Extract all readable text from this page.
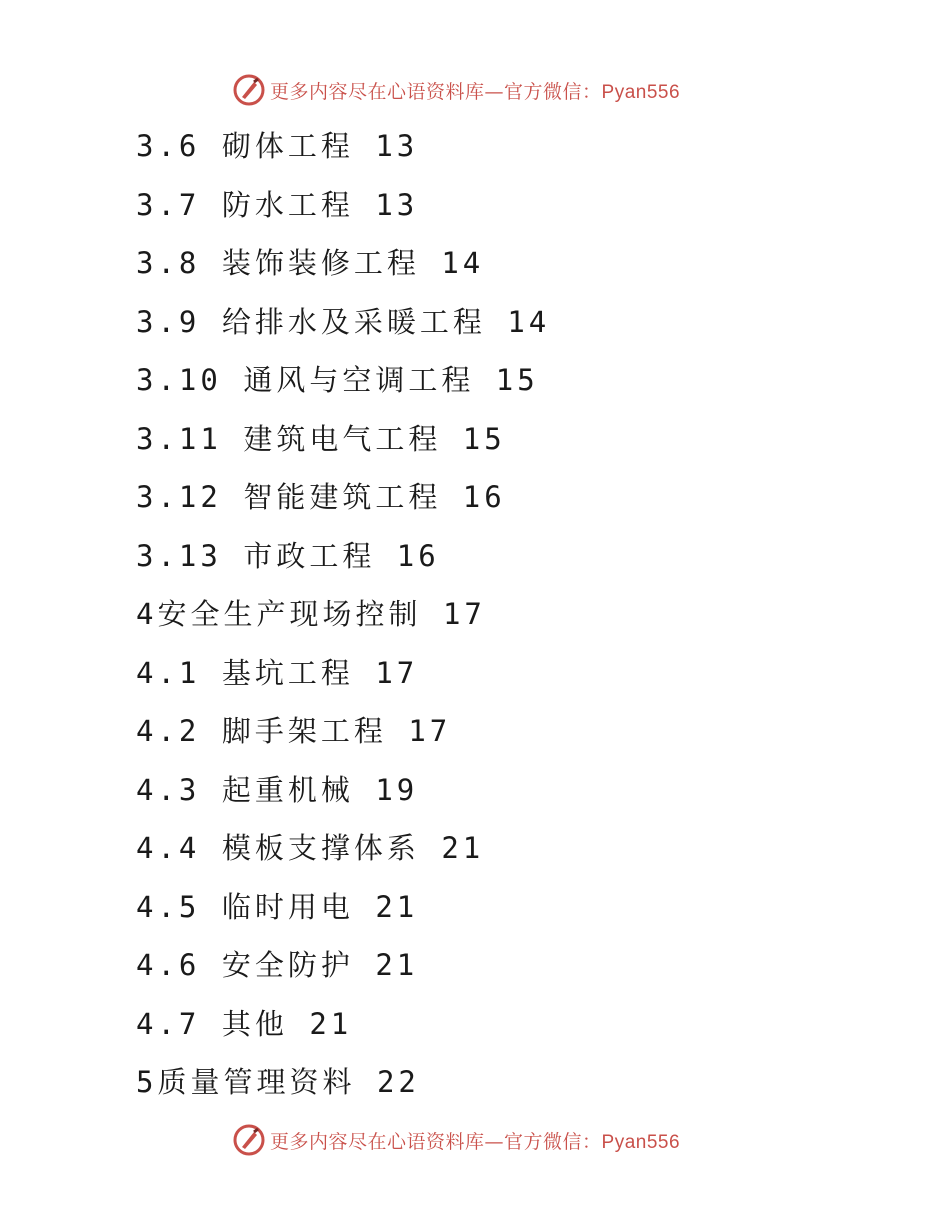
更多内容尽在心语资料库—官方微信：Pyan556
3.6 砌体工程 13
3.7 防水工程 13
3.8 装饰装修工程 14
3.9 给排水及采暖工程 14
3.10 通风与空调工程 15
3.11 建筑电气工程 15
3.12 智能建筑工程 16
3.13 市政工程 16
4安全生产现场控制 17
4.1 基坑工程 17
4.2 脚手架工程 17
4.3 起重机械 19
4.4 模板支撑体系 21
4.5 临时用电 21
4.6 安全防护 21
4.7 其他 21
5质量管理资料 22
更多内容尽在心语资料库—官方微信：Pyan556
